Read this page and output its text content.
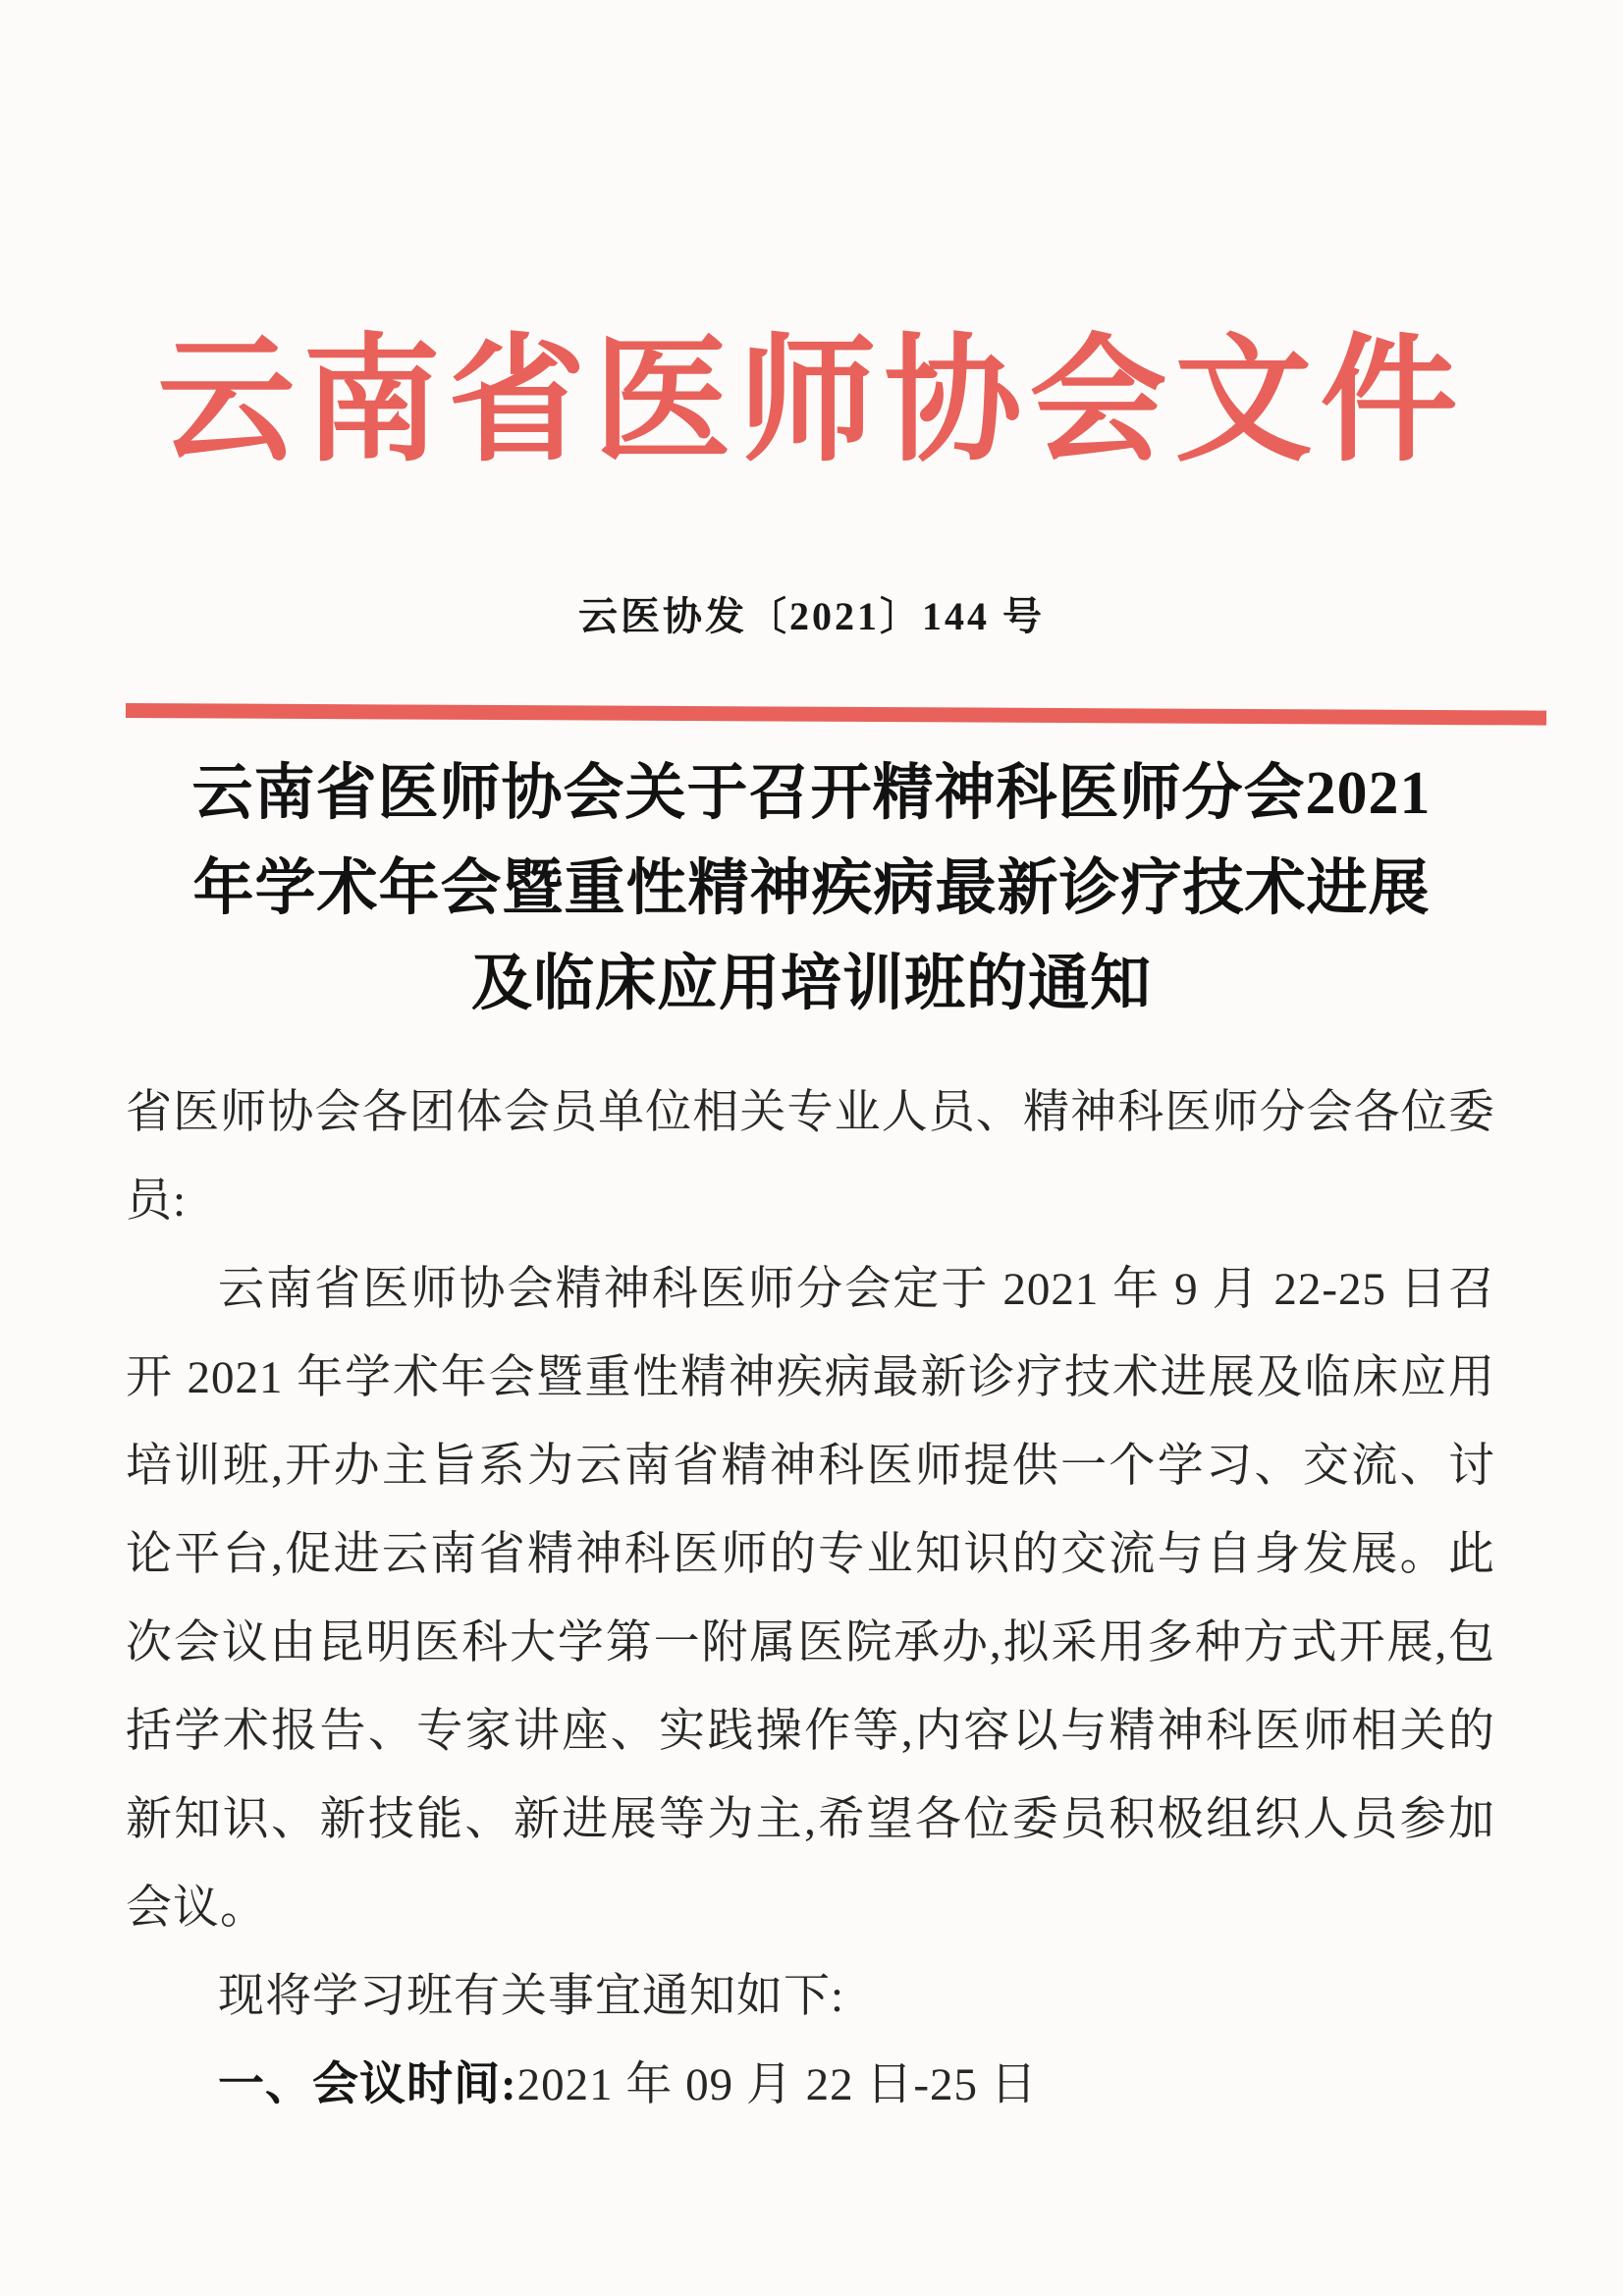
云南省医师协会文件
云医协发〔2021〕144 号
云南省医师协会关于召开精神科医师分会2021
年学术年会暨重性精神疾病最新诊疗技术进展
及临床应用培训班的通知

省医师协会各团体会员单位相关专业人员、精神科医师分会各位委员:

云南省医师协会精神科医师分会定于 2021 年 9 月 22-25 日召开 2021 年学术年会暨重性精神疾病最新诊疗技术进展及临床应用培训班,开办主旨系为云南省精神科医师提供一个学习、交流、讨论平台,促进云南省精神科医师的专业知识的交流与自身发展。此次会议由昆明医科大学第一附属医院承办,拟采用多种方式开展,包括学术报告、专家讲座、实践操作等,内容以与精神科医师相关的新知识、新技能、新进展等为主,希望各位委员积极组织人员参加会议。

现将学习班有关事宜通知如下:

一、会议时间:2021 年 09 月 22 日-25 日
